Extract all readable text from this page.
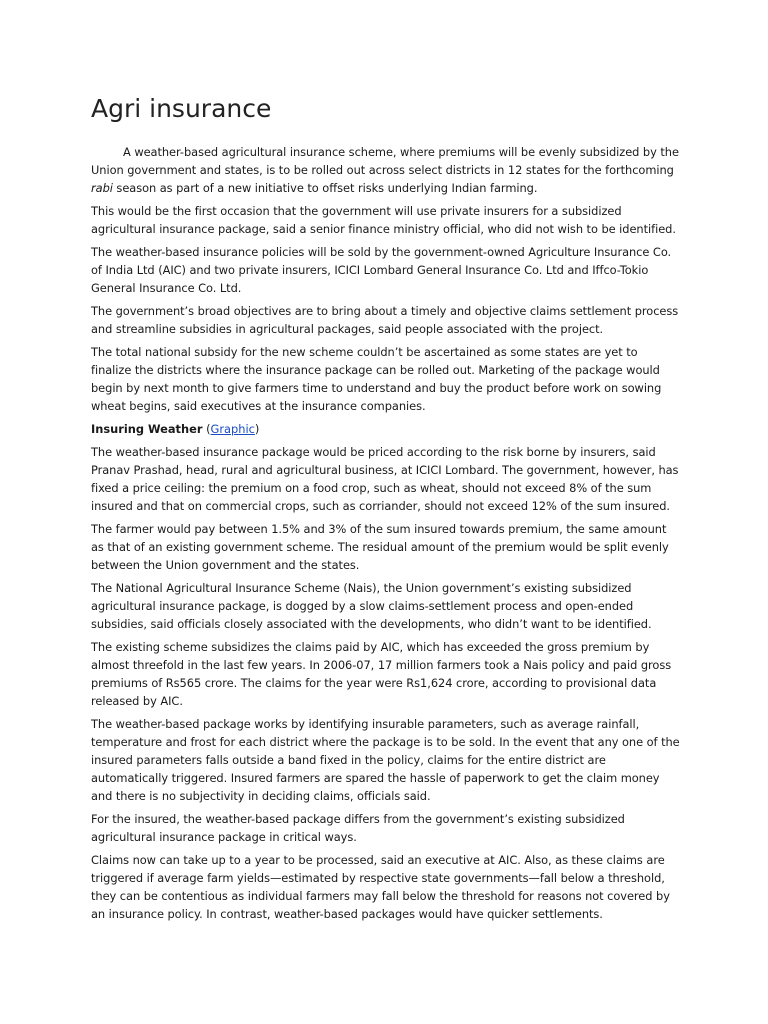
Agri insurance

A weather-based agricultural insurance scheme, where premiums will be evenly subsidized by the Union government and states, is to be rolled out across select districts in 12 states for the forthcoming rabi season as part of a new initiative to offset risks underlying Indian farming.

This would be the first occasion that the government will use private insurers for a subsidized agricultural insurance package, said a senior finance ministry official, who did not wish to be identified.

The weather-based insurance policies will be sold by the government-owned Agriculture Insurance Co. of India Ltd (AIC) and two private insurers, ICICI Lombard General Insurance Co. Ltd and Iffco-Tokio General Insurance Co. Ltd.

The government’s broad objectives are to bring about a timely and objective claims settlement process and streamline subsidies in agricultural packages, said people associated with the project.

The total national subsidy for the new scheme couldn’t be ascertained as some states are yet to finalize the districts where the insurance package can be rolled out. Marketing of the package would begin by next month to give farmers time to understand and buy the product before work on sowing wheat begins, said executives at the insurance companies.

Insuring Weather (Graphic)

The weather-based insurance package would be priced according to the risk borne by insurers, said Pranav Prashad, head, rural and agricultural business, at ICICI Lombard. The government, however, has fixed a price ceiling: the premium on a food crop, such as wheat, should not exceed 8% of the sum insured and that on commercial crops, such as corriander, should not exceed 12% of the sum insured.

The farmer would pay between 1.5% and 3% of the sum insured towards premium, the same amount as that of an existing government scheme. The residual amount of the premium would be split evenly between the Union government and the states.

The National Agricultural Insurance Scheme (Nais), the Union government’s existing subsidized agricultural insurance package, is dogged by a slow claims-settlement process and open-ended subsidies, said officials closely associated with the developments, who didn’t want to be identified.

The existing scheme subsidizes the claims paid by AIC, which has exceeded the gross premium by almost threefold in the last few years. In 2006-07, 17 million farmers took a Nais policy and paid gross premiums of Rs565 crore. The claims for the year were Rs1,624 crore, according to provisional data released by AIC.

The weather-based package works by identifying insurable parameters, such as average rainfall, temperature and frost for each district where the package is to be sold. In the event that any one of the insured parameters falls outside a band fixed in the policy, claims for the entire district are automatically triggered. Insured farmers are spared the hassle of paperwork to get the claim money and there is no subjectivity in deciding claims, officials said.

For the insured, the weather-based package differs from the government’s existing subsidized agricultural insurance package in critical ways.

Claims now can take up to a year to be processed, said an executive at AIC. Also, as these claims are triggered if average farm yields—estimated by respective state governments—fall below a threshold, they can be contentious as individual farmers may fall below the threshold for reasons not covered by an insurance policy. In contrast, weather-based packages would have quicker settlements.
